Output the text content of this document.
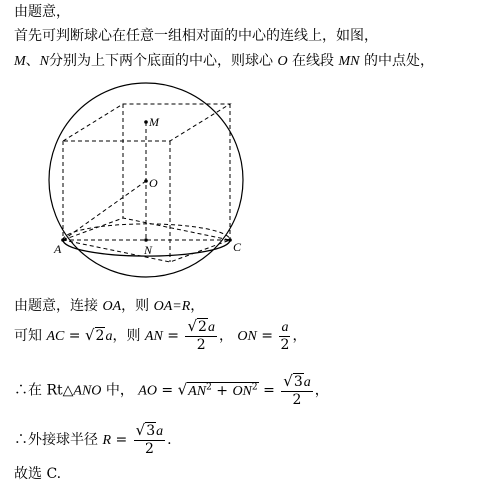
由题意，
首先可判断球心在任意一组相对面的中心的连线上，如图，
M、N分别为上下两个底面的中心，则球心 O 在线段 MN 的中点处，
M
O
A	N	C
由题意，连接 OA，则 OA=R，
可知 AC = √2a，则 AN = $\frac{√2a}{2}$ ， ON = $\frac{a}{2}$ ，
∴在 Rt△ANO 中， AO = $√AN^2 + ON^2 = \frac{√3a}{2}$ ，
∴外接球半径 $R = \frac{√3a}{2}$ .
故选 C.
